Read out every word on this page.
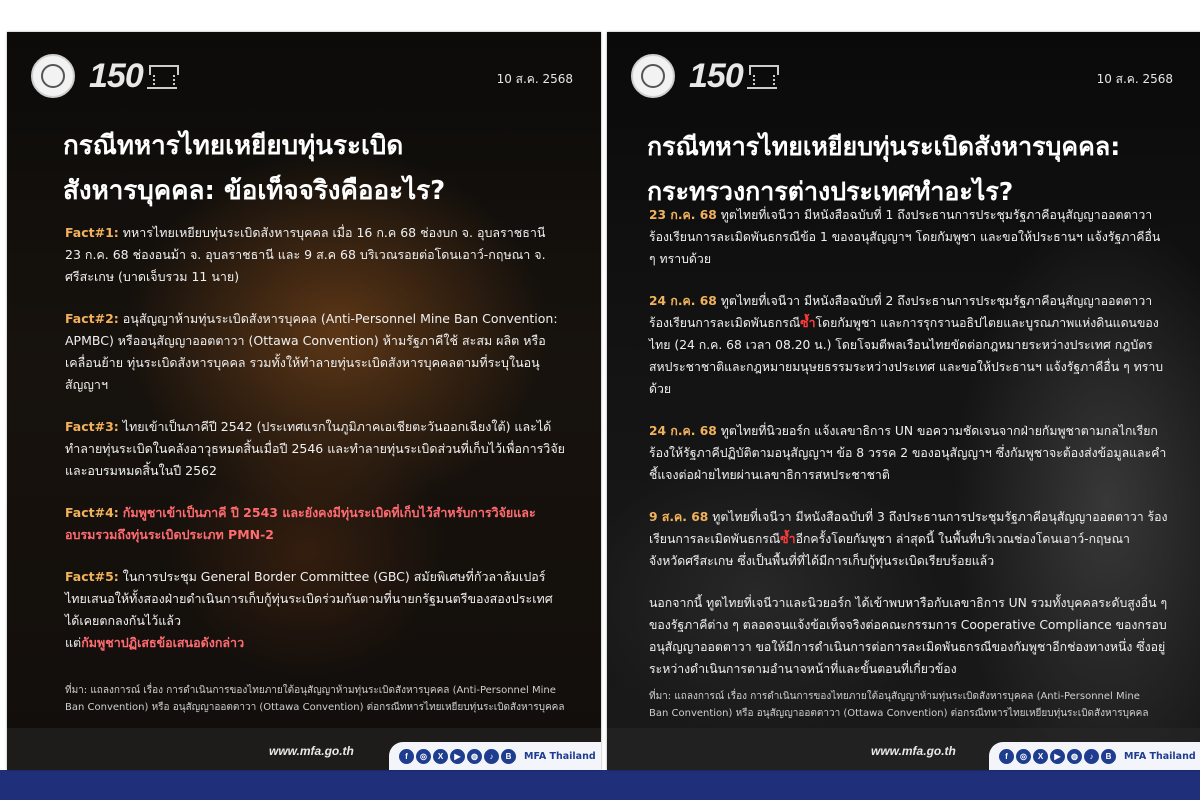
150	10 ส.ค. 2568
กรณีทหารไทยเหยียบทุ่นระเบิด
สังหารบุคคล: ข้อเท็จจริงคืออะไร?

Fact#1: ทหารไทยเหยียบทุ่นระเบิดสังหารบุคคล เมื่อ 16 ก.ค 68 ช่องบก จ. อุบลราชธานี 23 ก.ค. 68 ช่องอนม้า จ. อุบลราชธานี และ 9 ส.ค 68 บริเวณรอยต่อโดนเอาว์-กฤษณา จ. ศรีสะเกษ (บาดเจ็บรวม 11 นาย)

Fact#2: อนุสัญญาห้ามทุ่นระเบิดสังหารบุคคล (Anti-Personnel Mine Ban Convention: APMBC) หรืออนุสัญญาออตตาวา (Ottawa Convention) ห้ามรัฐภาคีใช้ สะสม ผลิต หรือเคลื่อนย้าย ทุ่นระเบิดสังหารบุคคล รวมทั้งให้ทำลายทุ่นระเบิดสังหารบุคคลตามที่ระบุในอนุสัญญาฯ

Fact#3: ไทยเข้าเป็นภาคีปี 2542 (ประเทศแรกในภูมิภาคเอเชียตะวันออกเฉียงใต้) และได้ทำลายทุ่นระเบิดในคลังอาวุธหมดสิ้นเมื่อปี 2546 และทำลายทุ่นระเบิดส่วนที่เก็บไว้เพื่อการวิจัยและอบรมหมดสิ้นในปี 2562

Fact#4: กัมพูชาเข้าเป็นภาคี ปี 2543 และยังคงมีทุ่นระเบิดที่เก็บไว้สำหรับการวิจัยและอบรมรวมถึงทุ่นระเบิดประเภท PMN-2

Fact#5: ในการประชุม General Border Committee (GBC) สมัยพิเศษที่กัวลาลัมเปอร์ ไทยเสนอให้ทั้งสองฝ่ายดำเนินการเก็บกู้ทุ่นระเบิดร่วมกันตามที่นายกรัฐมนตรีของสองประเทศได้เคยตกลงกันไว้แล้ว
แต่กัมพูชาปฏิเสธข้อเสนอดังกล่าว

ที่มา: แถลงการณ์ เรื่อง การดำเนินการของไทยภายใต้อนุสัญญาห้ามทุ่นระเบิดสังหารบุคคล (Anti-Personnel Mine Ban Convention) หรือ อนุสัญญาออตตาวา (Ottawa Convention) ต่อกรณีทหารไทยเหยียบทุ่นระเบิดสังหารบุคคล
www.mfa.go.th	f	◎	X	▶	◍	♪	B	MFA Thailand
150	10 ส.ค. 2568
กรณีทหารไทยเหยียบทุ่นระเบิดสังหารบุคคล:
กระทรวงการต่างประเทศทำอะไร?

23 ก.ค. 68 ทูตไทยที่เจนีวา มีหนังสือฉบับที่ 1 ถึงประธานการประชุมรัฐภาคีอนุสัญญาออตตาวา ร้องเรียนการละเมิดพันธกรณีข้อ 1 ของอนุสัญญาฯ โดยกัมพูชา และขอให้ประธานฯ แจ้งรัฐภาคีอื่น ๆ ทราบด้วย

24 ก.ค. 68 ทูตไทยที่เจนีวา มีหนังสือฉบับที่ 2 ถึงประธานการประชุมรัฐภาคีอนุสัญญาออตตาวา ร้องเรียนการละเมิดพันธกรณีซ้ำโดยกัมพูชา และการรุกรานอธิปไตยและบูรณภาพแห่งดินแดนของไทย (24 ก.ค. 68 เวลา 08.20 น.) โดยโจมตีพลเรือนไทยขัดต่อกฎหมายระหว่างประเทศ กฎบัตรสหประชาชาติและกฎหมายมนุษยธรรมระหว่างประเทศ และขอให้ประธานฯ แจ้งรัฐภาคีอื่น ๆ ทราบด้วย

24 ก.ค. 68 ทูตไทยที่นิวยอร์ก แจ้งเลขาธิการ UN ขอความชัดเจนจากฝ่ายกัมพูชาตามกลไกเรียกร้องให้รัฐภาคีปฏิบัติตามอนุสัญญาฯ ข้อ 8 วรรค 2 ของอนุสัญญาฯ ซึ่งกัมพูชาจะต้องส่งข้อมูลและคำชี้แจงต่อฝ่ายไทยผ่านเลขาธิการสหประชาชาติ

9 ส.ค. 68 ทูตไทยที่เจนีวา มีหนังสือฉบับที่ 3 ถึงประธานการประชุมรัฐภาคีอนุสัญญาออตตาวา ร้องเรียนการละเมิดพันธกรณีซ้ำอีกครั้งโดยกัมพูชา ล่าสุดนี้ ในพื้นที่บริเวณช่องโดนเอาว์-กฤษณา จังหวัดศรีสะเกษ ซึ่งเป็นพื้นที่ที่ได้มีการเก็บกู้ทุ่นระเบิดเรียบร้อยแล้ว

นอกจากนี้ ทูตไทยที่เจนีวาและนิวยอร์ก ได้เข้าพบหารือกับเลขาธิการ UN รวมทั้งบุคคลระดับสูงอื่น ๆ ของรัฐภาคีต่าง ๆ ตลอดจนแจ้งข้อเท็จจริงต่อคณะกรรมการ Cooperative Compliance ของกรอบอนุสัญญาออตตาวา ขอให้มีการดำเนินการต่อการละเมิดพันธกรณีของกัมพูชาอีกช่องทางหนึ่ง ซึ่งอยู่ระหว่างดำเนินการตามอำนาจหน้าที่และขั้นตอนที่เกี่ยวข้อง

ที่มา: แถลงการณ์ เรื่อง การดำเนินการของไทยภายใต้อนุสัญญาห้ามทุ่นระเบิดสังหารบุคคล (Anti-Personnel Mine Ban Convention) หรือ อนุสัญญาออตตาวา (Ottawa Convention) ต่อกรณีทหารไทยเหยียบทุ่นระเบิดสังหารบุคคล
www.mfa.go.th	f	◎	X	▶	◍	♪	B	MFA Thailand
